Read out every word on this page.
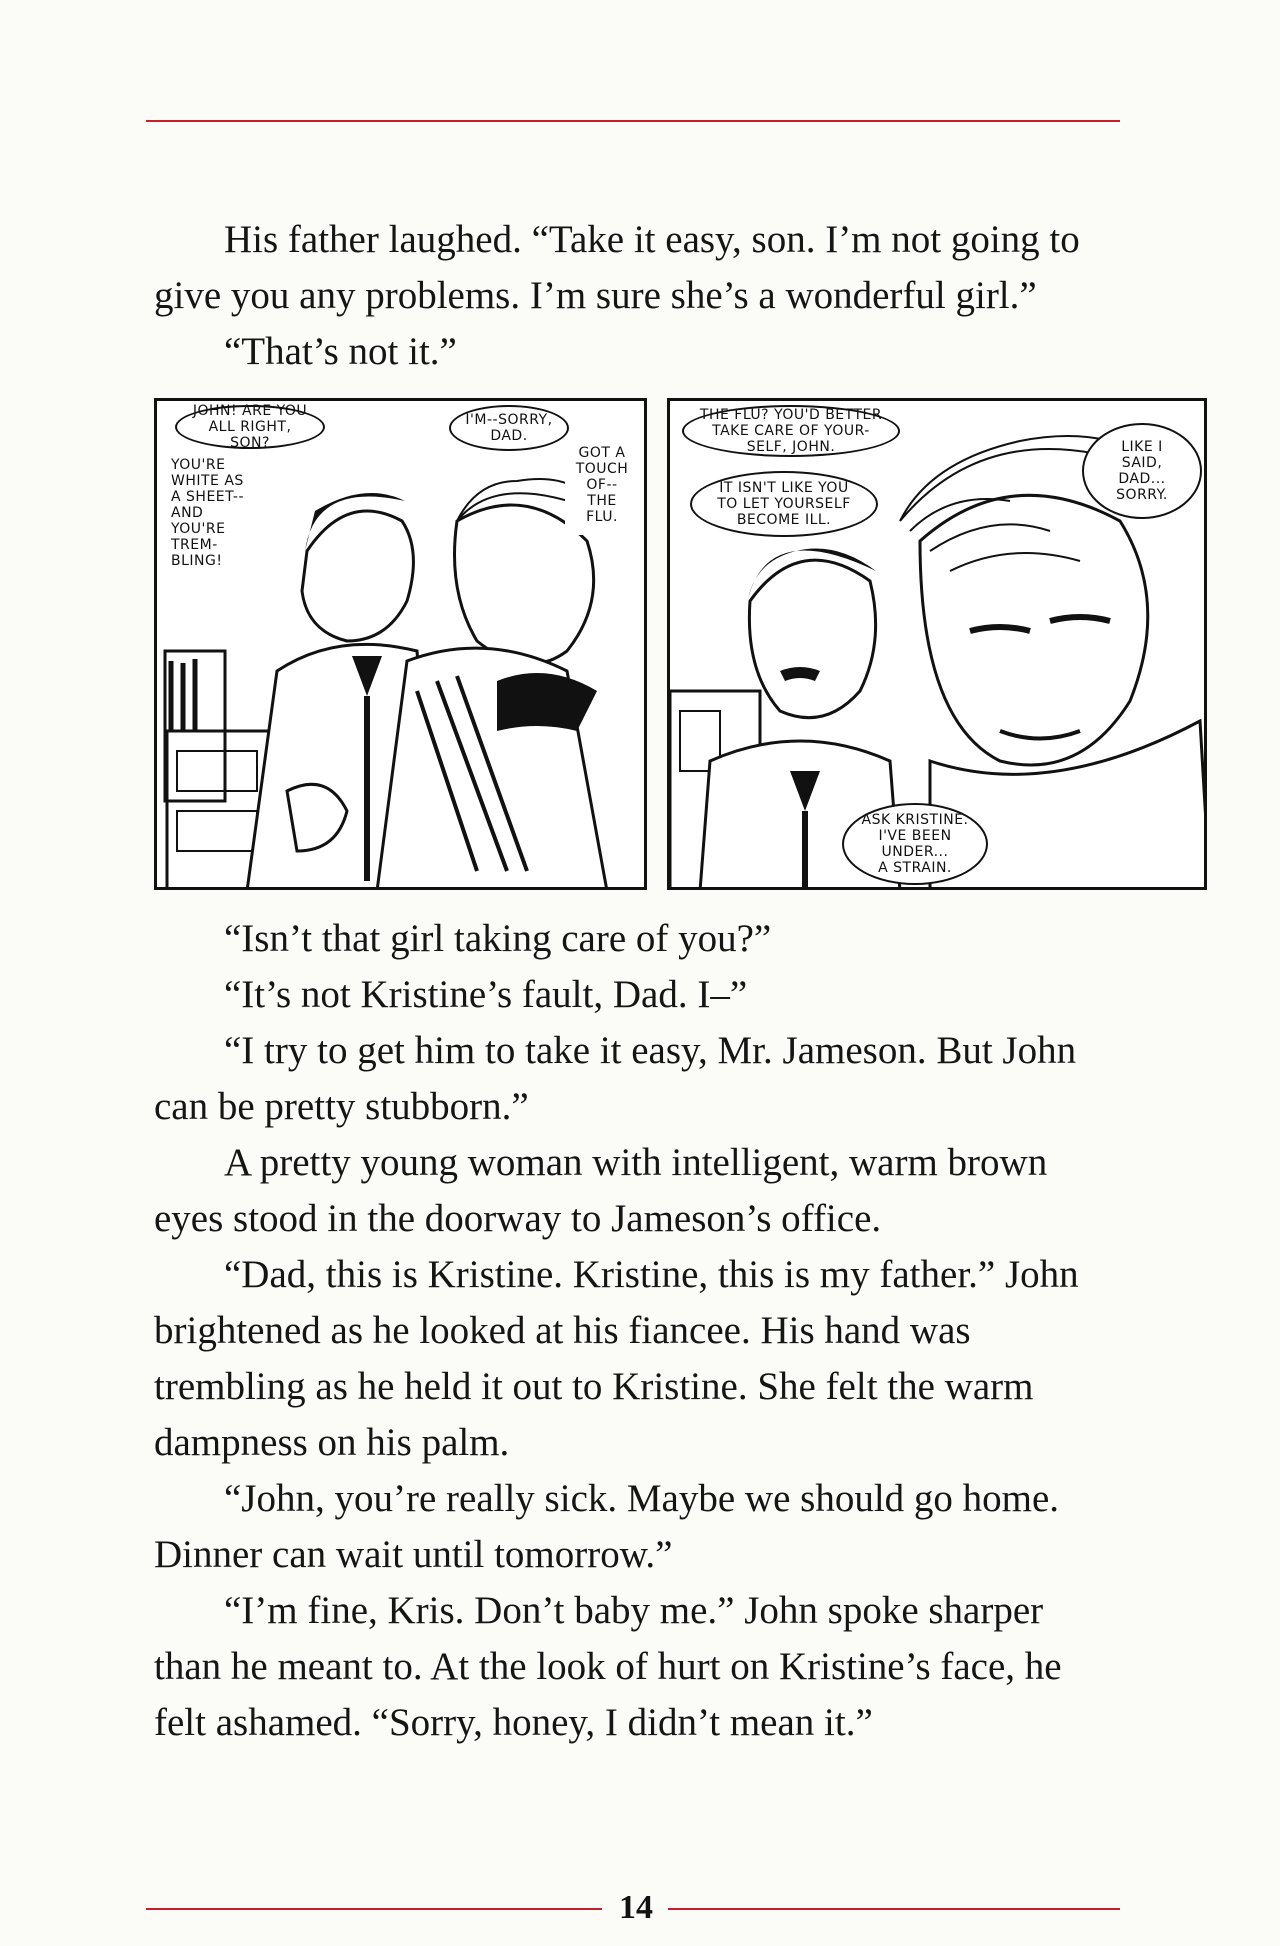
His father laughed. “Take it easy, son. I’m not going to give you any problems. I’m sure she’s a wonderful girl.”

“That’s not it.”

JOHN! ARE YOU
ALL RIGHT, SON?
YOU'RE
WHITE AS
A SHEET--
AND
YOU'RE
TREM-
BLING!
I'M--SORRY,
DAD.
GOT A
TOUCH
OF--
THE
FLU.
THE FLU? YOU'D BETTER
TAKE CARE OF YOUR-
SELF, JOHN.
IT ISN'T LIKE YOU
TO LET YOURSELF
BECOME ILL.
LIKE I
SAID,
DAD...
SORRY.
ASK KRISTINE.
I'VE BEEN
UNDER...
A STRAIN.

“Isn’t that girl taking care of you?”

“It’s not Kristine’s fault, Dad. I–”

“I try to get him to take it easy, Mr. Jameson. But John can be pretty stubborn.”

A pretty young woman with intelligent, warm brown eyes stood in the doorway to Jameson’s office.

“Dad, this is Kristine. Kristine, this is my father.” John brightened as he looked at his fiancee. His hand was trembling as he held it out to Kristine. She felt the warm dampness on his palm.

“John, you’re really sick. Maybe we should go home. Dinner can wait until tomorrow.”

“I’m fine, Kris. Don’t baby me.” John spoke sharper than he meant to. At the look of hurt on Kristine’s face, he felt ashamed. “Sorry, honey, I didn’t mean it.”

14
